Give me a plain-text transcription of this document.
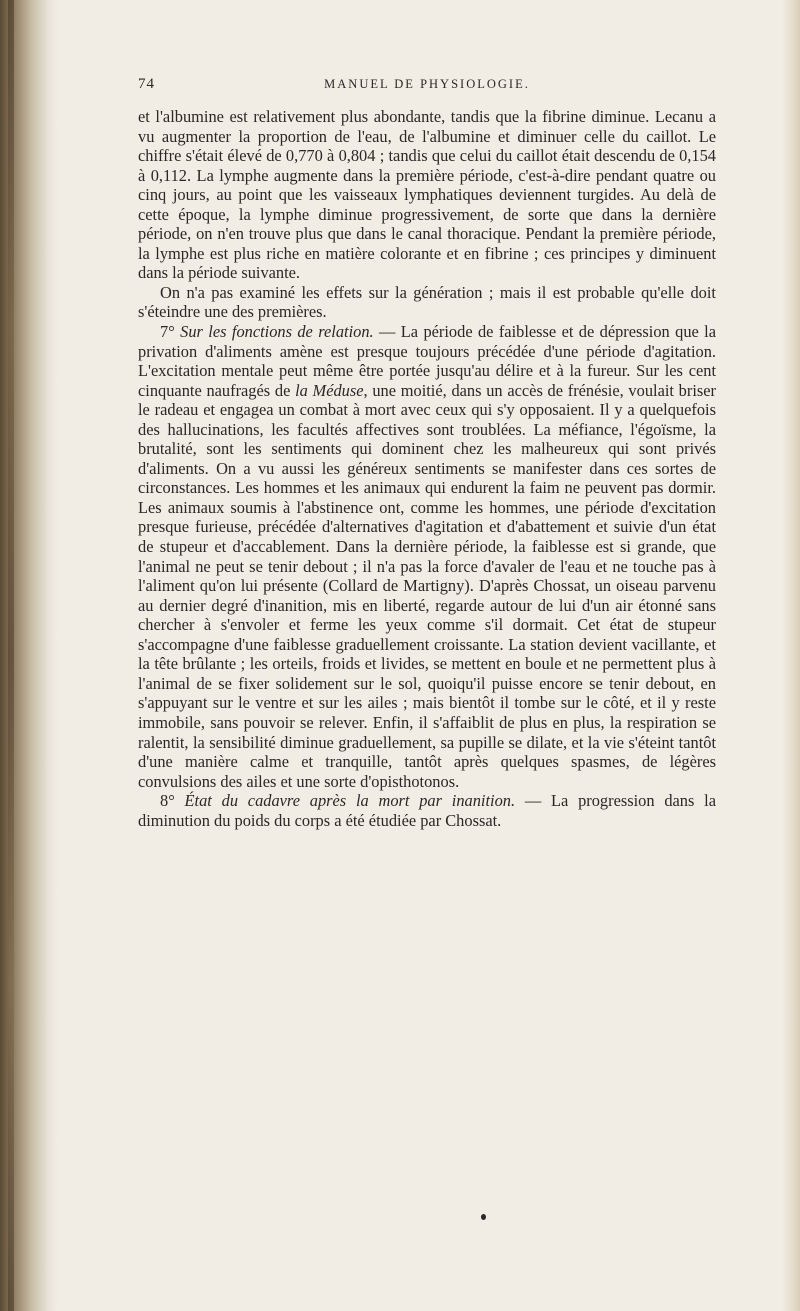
74	MANUEL DE PHYSIOLOGIE.

et l'albumine est relativement plus abondante, tandis que la fibrine diminue. Lecanu a vu augmenter la proportion de l'eau, de l'albumine et diminuer celle du caillot. Le chiffre s'était élevé de 0,770 à 0,804 ; tandis que celui du caillot était descendu de 0,154 à 0,112. La lymphe augmente dans la première période, c'est-à-dire pendant quatre ou cinq jours, au point que les vaisseaux lymphatiques deviennent turgides. Au delà de cette époque, la lymphe diminue progressivement, de sorte que dans la dernière période, on n'en trouve plus que dans le canal thoracique. Pendant la première période, la lymphe est plus riche en matière colorante et en fibrine ; ces principes y diminuent dans la période suivante.

On n'a pas examiné les effets sur la génération ; mais il est probable qu'elle doit s'éteindre une des premières.

7° Sur les fonctions de relation. — La période de faiblesse et de dépression que la privation d'aliments amène est presque toujours précédée d'une période d'agitation. L'excitation mentale peut même être portée jusqu'au délire et à la fureur. Sur les cent cinquante naufragés de la Méduse, une moitié, dans un accès de frénésie, voulait briser le radeau et engagea un combat à mort avec ceux qui s'y opposaient. Il y a quelquefois des hallucinations, les facultés affectives sont troublées. La méfiance, l'égoïsme, la brutalité, sont les sentiments qui dominent chez les malheureux qui sont privés d'aliments. On a vu aussi les généreux sentiments se manifester dans ces sortes de circonstances. Les hommes et les animaux qui endurent la faim ne peuvent pas dormir. Les animaux soumis à l'abstinence ont, comme les hommes, une période d'excitation presque furieuse, précédée d'alternatives d'agitation et d'abattement et suivie d'un état de stupeur et d'accablement. Dans la dernière période, la faiblesse est si grande, que l'animal ne peut se tenir debout ; il n'a pas la force d'avaler de l'eau et ne touche pas à l'aliment qu'on lui présente (Collard de Martigny). D'après Chossat, un oiseau parvenu au dernier degré d'inanition, mis en liberté, regarde autour de lui d'un air étonné sans chercher à s'envoler et ferme les yeux comme s'il dormait. Cet état de stupeur s'accompagne d'une faiblesse graduellement croissante. La station devient vacillante, et la tête brûlante ; les orteils, froids et livides, se mettent en boule et ne permettent plus à l'animal de se fixer solidement sur le sol, quoiqu'il puisse encore se tenir debout, en s'appuyant sur le ventre et sur les ailes ; mais bientôt il tombe sur le côté, et il y reste immobile, sans pouvoir se relever. Enfin, il s'affaiblit de plus en plus, la respiration se ralentit, la sensibilité diminue graduellement, sa pupille se dilate, et la vie s'éteint tantôt d'une manière calme et tranquille, tantôt après quelques spasmes, de légères convulsions des ailes et une sorte d'opisthotonos.

8° État du cadavre après la mort par inanition. — La progression dans la diminution du poids du corps a été étudiée par Chossat.
